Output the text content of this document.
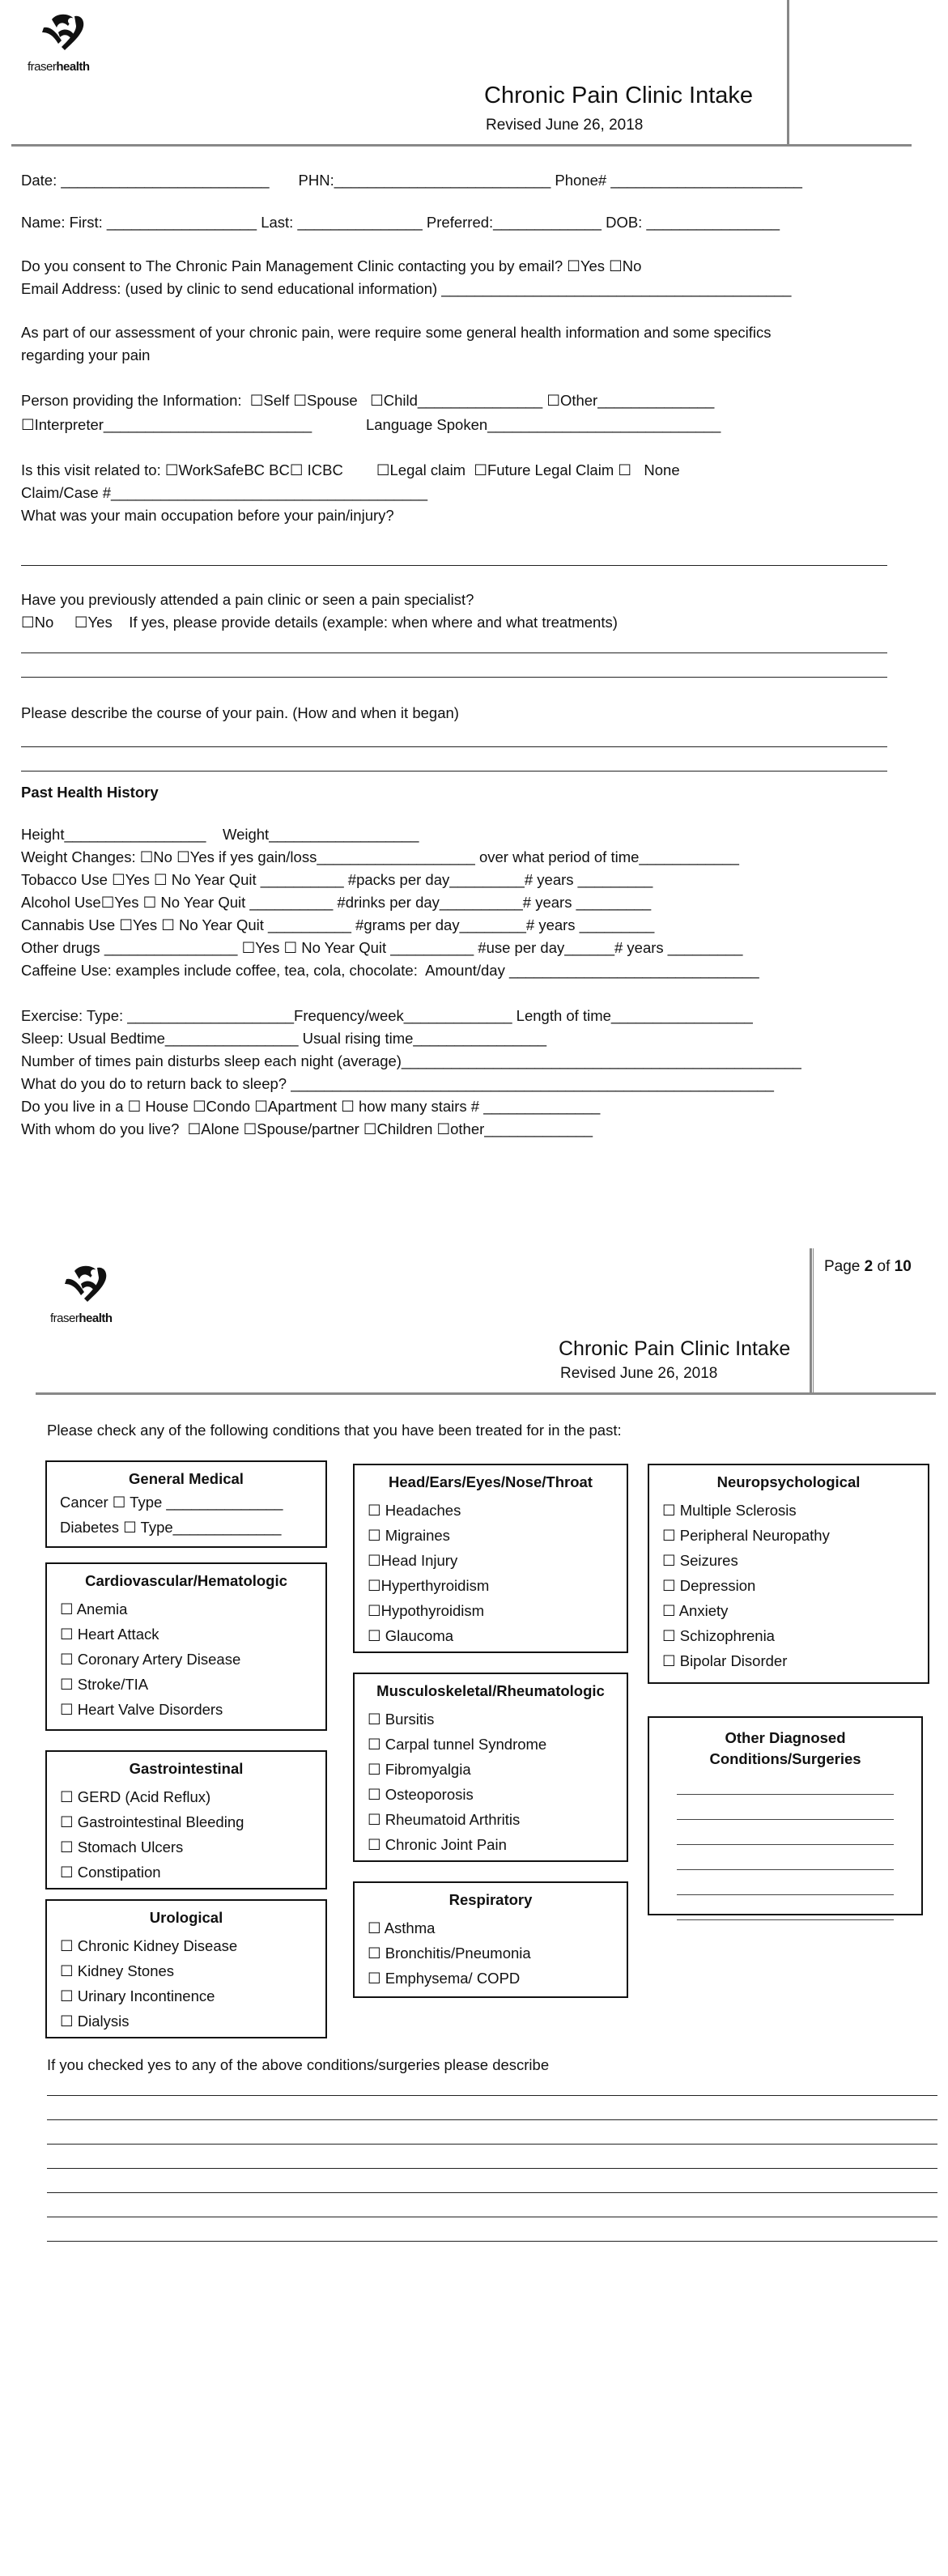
fraserhealth
Chronic Pain Clinic Intake
Revised June 26, 2018
Date: _________________________       PHN:__________________________ Phone# _______________________
Name: First: __________________ Last: _______________ Preferred:_____________ DOB: ________________
Do you consent to The Chronic Pain Management Clinic contacting you by email? ☐Yes ☐No
Email Address: (used by clinic to send educational information) __________________________________________
As part of our assessment of your chronic pain, were require some general health information and some specifics
regarding your pain
Person providing the Information:  ☐Self ☐Spouse   ☐Child_______________ ☐Other______________
☐Interpreter_________________________             Language Spoken____________________________
Is this visit related to: ☐WorkSafeBC BC☐ ICBC        ☐Legal claim  ☐Future Legal Claim ☐   None
Claim/Case #______________________________________
What was your main occupation before your pain/injury?
Have you previously attended a pain clinic or seen a pain specialist?
☐No     ☐Yes    If yes, please provide details (example: when where and what treatments)
Please describe the course of your pain. (How and when it began)
Past Health History
Height_________________    Weight__________________
Weight Changes: ☐No ☐Yes if yes gain/loss___________________ over what period of time____________
Tobacco Use ☐Yes ☐ No Year Quit __________ #packs per day_________# years _________
Alcohol Use☐Yes ☐ No Year Quit __________ #drinks per day__________# years _________
Cannabis Use ☐Yes ☐ No Year Quit __________ #grams per day________# years _________
Other drugs ________________ ☐Yes ☐ No Year Quit __________ #use per day______# years _________
Caffeine Use: examples include coffee, tea, cola, chocolate:  Amount/day ______________________________
Exercise: Type: ____________________Frequency/week_____________ Length of time_________________
Sleep: Usual Bedtime________________ Usual rising time________________
Number of times pain disturbs sleep each night (average)________________________________________________
What do you do to return back to sleep? __________________________________________________________
Do you live in a ☐ House ☐Condo ☐Apartment ☐ how many stairs # ______________
With whom do you live?  ☐Alone ☐Spouse/partner ☐Children ☐other_____________
fraserhealth
Page 2 of 10
Chronic Pain Clinic Intake
Revised June 26, 2018
Please check any of the following conditions that you have been treated for in the past:
General Medical
Cancer ☐ Type ______________
Diabetes ☐ Type_____________
Cardiovascular/Hematologic
☐ Anemia
☐ Heart Attack
☐ Coronary Artery Disease
☐ Stroke/TIA
☐ Heart Valve Disorders
Gastrointestinal
☐ GERD (Acid Reflux)
☐ Gastrointestinal Bleeding
☐ Stomach Ulcers
☐ Constipation
Urological
☐ Chronic Kidney Disease
☐ Kidney Stones
☐ Urinary Incontinence
☐ Dialysis
Head/Ears/Eyes/Nose/Throat
☐ Headaches
☐ Migraines
☐Head Injury
☐Hyperthyroidism
☐Hypothyroidism
☐ Glaucoma
Musculoskeletal/Rheumatologic
☐ Bursitis
☐ Carpal tunnel Syndrome
☐ Fibromyalgia
☐ Osteoporosis
☐ Rheumatoid Arthritis
☐ Chronic Joint Pain
Respiratory
☐ Asthma
☐ Bronchitis/Pneumonia
☐ Emphysema/ COPD
Neuropsychological
☐ Multiple Sclerosis
☐ Peripheral Neuropathy
☐ Seizures
☐ Depression
☐ Anxiety
☐ Schizophrenia
☐ Bipolar Disorder
Other Diagnosed
Conditions/Surgeries
If you checked yes to any of the above conditions/surgeries please describe
